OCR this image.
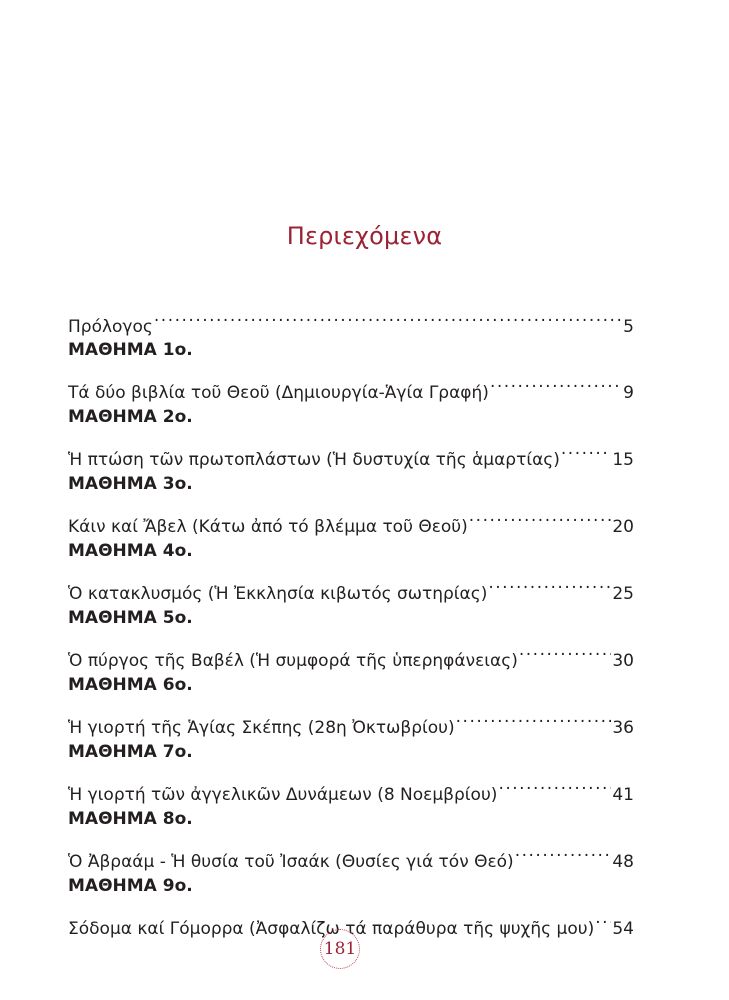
Περιεχόμενα
Πρόλογος .....	5
ΜΑΘΗΜΑ 1ο.
Τά δύο βιβλία τοῦ Θεοῦ (Δημιουργία-Ἁγία Γραφή) .....	9
ΜΑΘΗΜΑ 2ο.
Ἡ πτώση τῶν πρωτοπλάστων (Ἡ δυστυχία τῆς ἁμαρτίας) .....	15
ΜΑΘΗΜΑ 3ο.
Κάιν καί Ἄβελ (Κάτω ἀπό τό βλέμμα τοῦ Θεοῦ) .....	20
ΜΑΘΗΜΑ 4ο.
Ὁ κατακλυσμός (Ἡ Ἐκκλησία κιβωτός σωτηρίας) .....	25
ΜΑΘΗΜΑ 5ο.
Ὁ πύργος τῆς Βαβέλ (Ἡ συμφορά τῆς ὑπερηφάνειας) .....	30
ΜΑΘΗΜΑ 6ο.
Ἡ γιορτή τῆς Ἁγίας Σκέπης (28η Ὀκτωβρίου) .....	36
ΜΑΘΗΜΑ 7ο.
Ἡ γιορτή τῶν ἀγγελικῶν Δυνάμεων (8 Νοεμβρίου) .....	41
ΜΑΘΗΜΑ 8ο.
Ὁ Ἀβραάμ - Ἡ θυσία τοῦ Ἰσαάκ (Θυσίες γιά τόν Θεό) .....	48
ΜΑΘΗΜΑ 9ο.
Σόδομα καί Γόμορρα (Ἀσφαλίζω τά παράθυρα τῆς ψυχῆς μου) ..... 54
181
